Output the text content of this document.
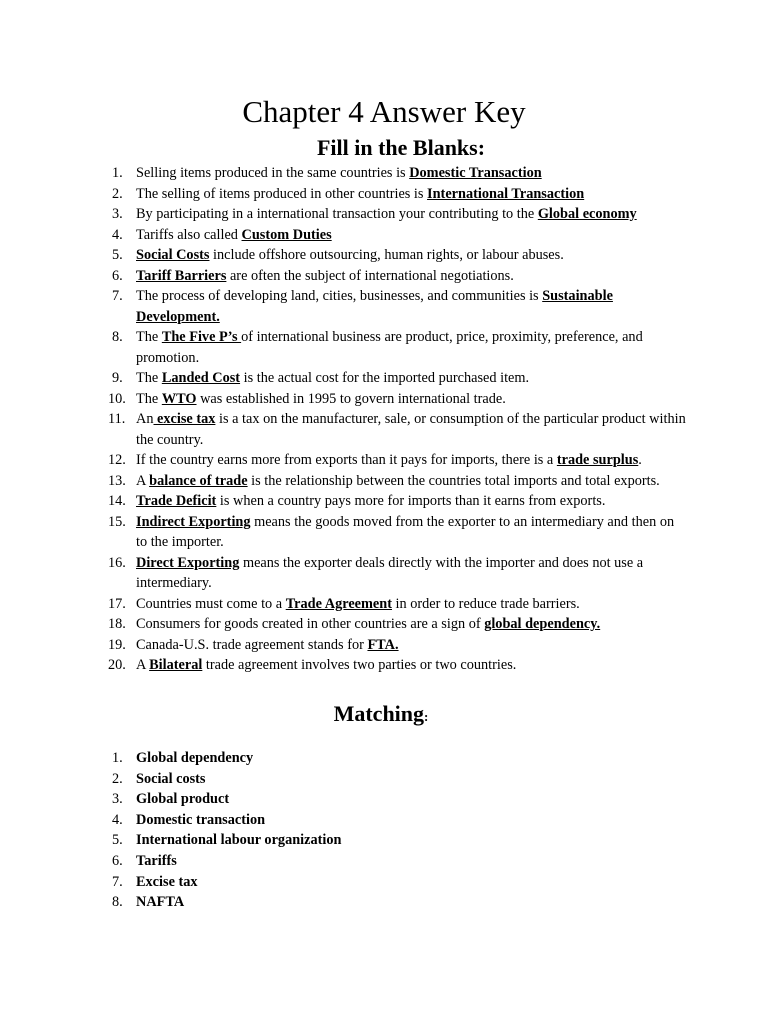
Chapter 4 Answer Key
Fill in the Blanks:
1. Selling items produced in the same countries is Domestic Transaction
2. The selling of items produced in other countries is International Transaction
3. By participating in a international transaction your contributing to the Global economy
4. Tariffs also called Custom Duties
5. Social Costs include offshore outsourcing, human rights, or labour abuses.
6. Tariff Barriers are often the subject of international negotiations.
7. The process of developing land, cities, businesses, and communities is Sustainable Development.
8. The The Five P’s of international business are product, price, proximity, preference, and promotion.
9. The Landed Cost is the actual cost for the imported purchased item.
10. The WTO was established in 1995 to govern international trade.
11. An excise tax is a tax on the manufacturer, sale, or consumption of the particular product within the country.
12. If the country earns more from exports than it pays for imports, there is a trade surplus.
13. A balance of trade is the relationship between the countries total imports and total exports.
14. Trade Deficit is when a country pays more for imports than it earns from exports.
15. Indirect Exporting means the goods moved from the exporter to an intermediary and then on to the importer.
16. Direct Exporting means the exporter deals directly with the importer and does not use a intermediary.
17. Countries must come to a Trade Agreement in order to reduce trade barriers.
18. Consumers for goods created in other countries are a sign of global dependency.
19. Canada-U.S. trade agreement stands for FTA.
20. A Bilateral trade agreement involves two parties or two countries.
Matching:
1. Global dependency
2. Social costs
3. Global product
4. Domestic transaction
5. International labour organization
6. Tariffs
7. Excise tax
8. NAFTA
